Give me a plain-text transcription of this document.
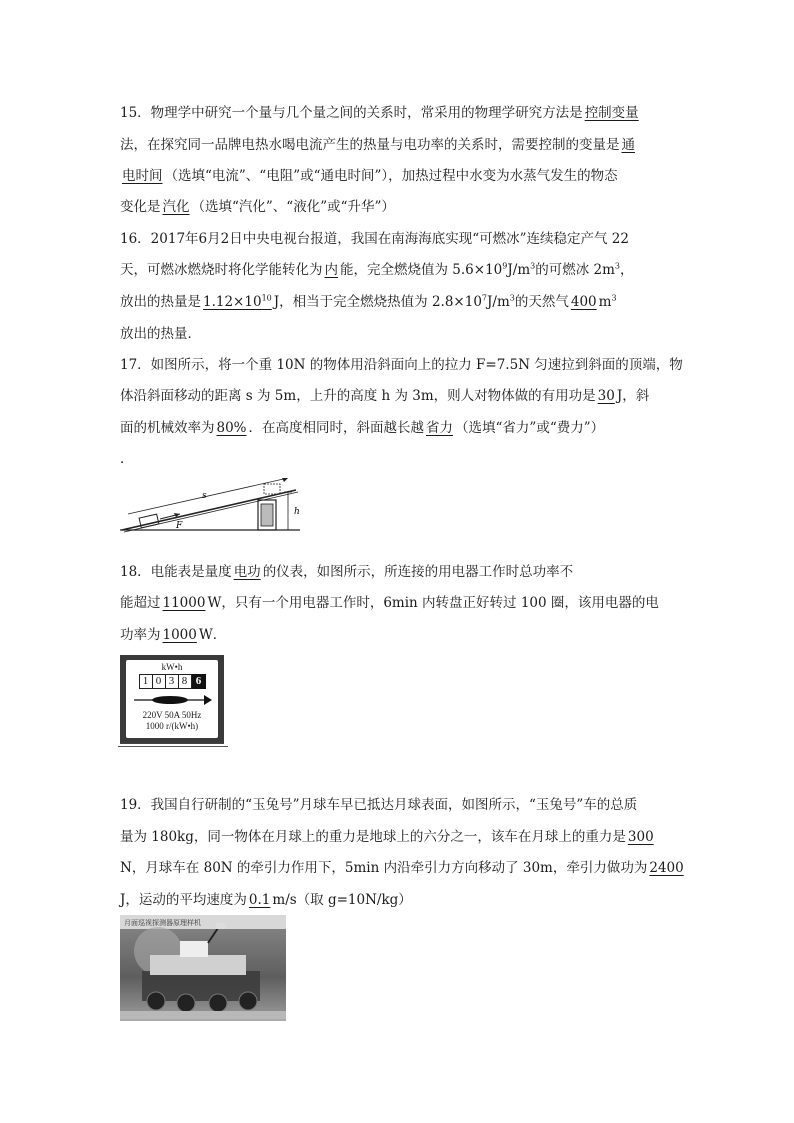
15．物理学中研究一个量与几个量之间的关系时，常采用的物理学研究方法是 控制变量
法，在探究同一品牌电热水喝电流产生的热量与电功率的关系时，需要控制的变量是 通
电时间 （选填“电流”、“电阻”或“通电时间”），加热过程中水变为水蒸气发生的物态
变化是 汽化 （选填“汽化”、“液化”或“升华”）
16．2017年6月2日中央电视台报道，我国在南海海底实现“可燃冰”连续稳定产气 22
天，可燃冰燃烧时将化学能转化为 内 能，完全燃烧值为 $5.6\times 10^9J/m^3$的可燃冰 $2m^3$，
放出的热量是 $1.12\times 10^{10}$ J，相当于完全燃烧热值为 $2.8\times 10^7J/m^3$的天然气 400 $m^3$
放出的热量．
17．如图所示，将一个重 10N 的物体用沿斜面向上的拉力 F=7.5N 匀速拉到斜面的顶端，物
体沿斜面移动的距离 s 为 5m，上升的高度 h 为 3m，则人对物体做的有用功是 30 J，斜
面的机械效率为 80% ．在高度相同时，斜面越长越 省力 （选填“省力”或“费力”）
．
F
s
h
18．电能表是量度 电功 的仪表，如图所示，所连接的用电器工作时总功率不
能超过 11000 W，只有一个用电器工作时，6min 内转盘正好转过 100 圈，该用电器的电
功率为 1000 W．
kW•h
1 0 3 8 6
220V 50A 50Hz
1000 r/(kW•h)
19．我国自行研制的“玉兔号”月球车早已抵达月球表面，如图所示，“玉兔号”车的总质
量为 180kg，同一物体在月球上的重力是地球上的六分之一，该车在月球上的重力是 300
N，月球车在 80N 的牵引力作用下，5min 内沿牵引力方向移动了 30m，牵引力做功为 2400
J，运动的平均速度为 0.1 m/s（取 g=10N/kg）
月面巡视探测器原理样机
